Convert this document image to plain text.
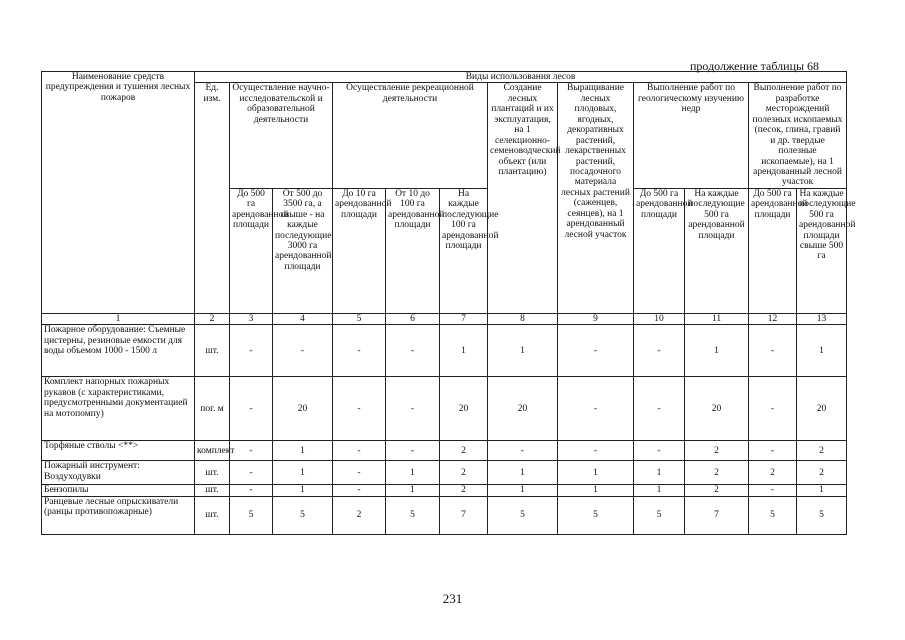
продолжение таблицы 68
Наименование средств предупреждения и тушения лесных пожаров	Виды использования лесов											
	Ед. изм.	Осуществление научно-исследовательской и образовательной деятельности		Осуществление рекреационной деятельности			Создание лесных плантаций и их эксплуатация, на 1 селекционно-семеноводческий объект (или плантацию)	Выращивание лесных плодовых, ягодных, декоративных растений, лекарственных растений, посадочного материала лесных растений (саженцев, сеянцев), на 1 арендованный лесной участок	Выполнение работ по геологическому изучению недр		Выполнение работ по разработке месторождений полезных ископаемых (песок, глина, гравий и др. твердые полезные ископаемые), на 1 арендованный лесной участок	
		До 500 га арендованной площади	От 500 до 3500 га, а свыше - на каждые последующие 3000 га арендованной площади	До 10 га арендованной площади	От 10 до 100 га арендованной площади	На каждые последующие 100 га арендованной площади			До 500 га арендованной площади	На каждые последующие 500 га арендованной площади	До 500 га арендованной площади	На каждые последующие 500 га арендованной площади свыше 500 га
1	2	3	4	5	6	7	8	9	10	11	12	13
Пожарное оборудование: Съемные цистерны, резиновые емкости для воды объемом 1000 - 1500 л	шт.	-	-	-	-	1	1	-	-	1	-	1
Комплект напорных пожарных рукавов (с характеристиками, предусмотренными документацией на мотопомпу)	пог. м	-	20	-	-	20	20	-	-	20	-	20
Торфяные стволы <**>	комплект	-	1	-	-	2	-	-	-	2	-	2
Пожарный инструмент: Воздуходувки	шт.	-	1	-	1	2	1	1	1	2	2	2
Бензопилы	шт.	-	1	-	1	2	1	1	1	2	-	1
Ранцевые лесные опрыскиватели (ранцы противопожарные)	шт.	5	5	2	5	7	5	5	5	7	5	5
231
